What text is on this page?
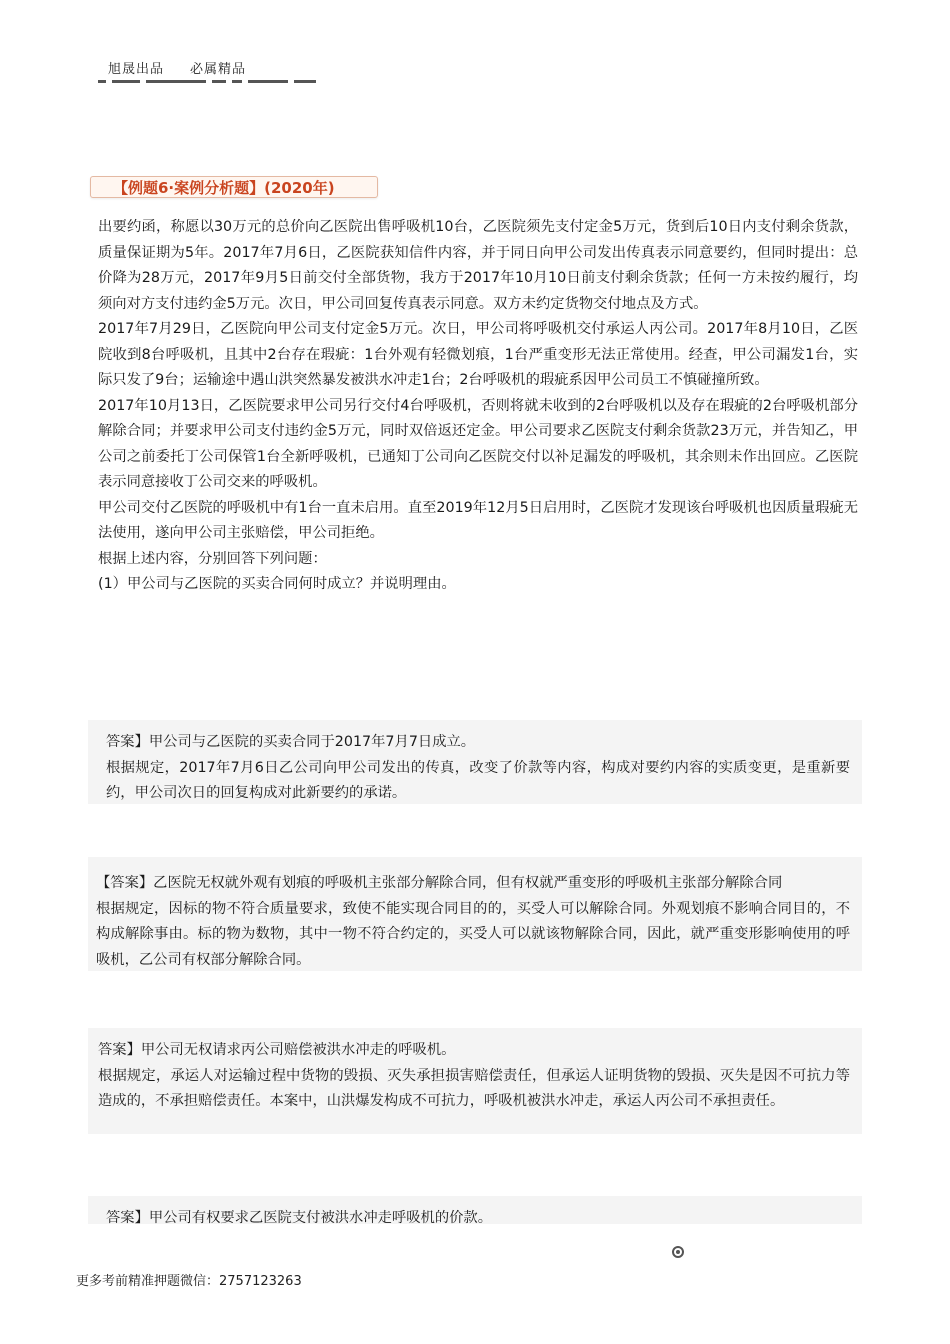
旭晟出品 必属精品
【例题6·案例分析题】(2020年)

出要约函，称愿以30万元的总价向乙医院出售呼吸机10台，乙医院须先支付定金5万元，货到后10日内支付剩余货款，质量保证期为5年。2017年7月6日，乙医院获知信件内容，并于同日向甲公司发出传真表示同意要约，但同时提出：总价降为28万元，2017年9月5日前交付全部货物，我方于2017年10月10日前支付剩余货款；任何一方未按约履行，均须向对方支付违约金5万元。次日，甲公司回复传真表示同意。双方未约定货物交付地点及方式。

2017年7月29日，乙医院向甲公司支付定金5万元。次日，甲公司将呼吸机交付承运人丙公司。2017年8月10日，乙医院收到8台呼吸机，且其中2台存在瑕疵：1台外观有轻微划痕，1台严重变形无法正常使用。经查，甲公司漏发1台，实际只发了9台；运输途中遇山洪突然暴发被洪水冲走1台；2台呼吸机的瑕疵系因甲公司员工不慎碰撞所致。

2017年10月13日，乙医院要求甲公司另行交付4台呼吸机，否则将就未收到的2台呼吸机以及存在瑕疵的2台呼吸机部分解除合同；并要求甲公司支付违约金5万元，同时双倍返还定金。甲公司要求乙医院支付剩余货款23万元，并告知乙，甲公司之前委托丁公司保管1台全新呼吸机，已通知丁公司向乙医院交付以补足漏发的呼吸机，其余则未作出回应。乙医院表示同意接收丁公司交来的呼吸机。

甲公司交付乙医院的呼吸机中有1台一直未启用。直至2019年12月5日启用时，乙医院才发现该台呼吸机也因质量瑕疵无法使用，遂向甲公司主张赔偿，甲公司拒绝。

根据上述内容，分别回答下列问题：

(1）甲公司与乙医院的买卖合同何时成立？并说明理由。

答案】甲公司与乙医院的买卖合同于2017年7月7日成立。

根据规定，2017年7月6日乙公司向甲公司发出的传真，改变了价款等内容，构成对要约内容的实质变更，是重新要约，甲公司次日的回复构成对此新要约的承诺。

【答案】乙医院无权就外观有划痕的呼吸机主张部分解除合同，但有权就严重变形的呼吸机主张部分解除合同

根据规定，因标的物不符合质量要求，致使不能实现合同目的的，买受人可以解除合同。外观划痕不影响合同目的，不构成解除事由。标的物为数物，其中一物不符合约定的，买受人可以就该物解除合同，因此，就严重变形影响使用的呼吸机，乙公司有权部分解除合同。

答案】甲公司无权请求丙公司赔偿被洪水冲走的呼吸机。

根据规定，承运人对运输过程中货物的毁损、灭失承担损害赔偿责任，但承运人证明货物的毁损、灭失是因不可抗力等造成的，不承担赔偿责任。本案中，山洪爆发构成不可抗力，呼吸机被洪水冲走，承运人丙公司不承担责任。

答案】甲公司有权要求乙医院支付被洪水冲走呼吸机的价款。

更多考前精准押题微信：2757123263
